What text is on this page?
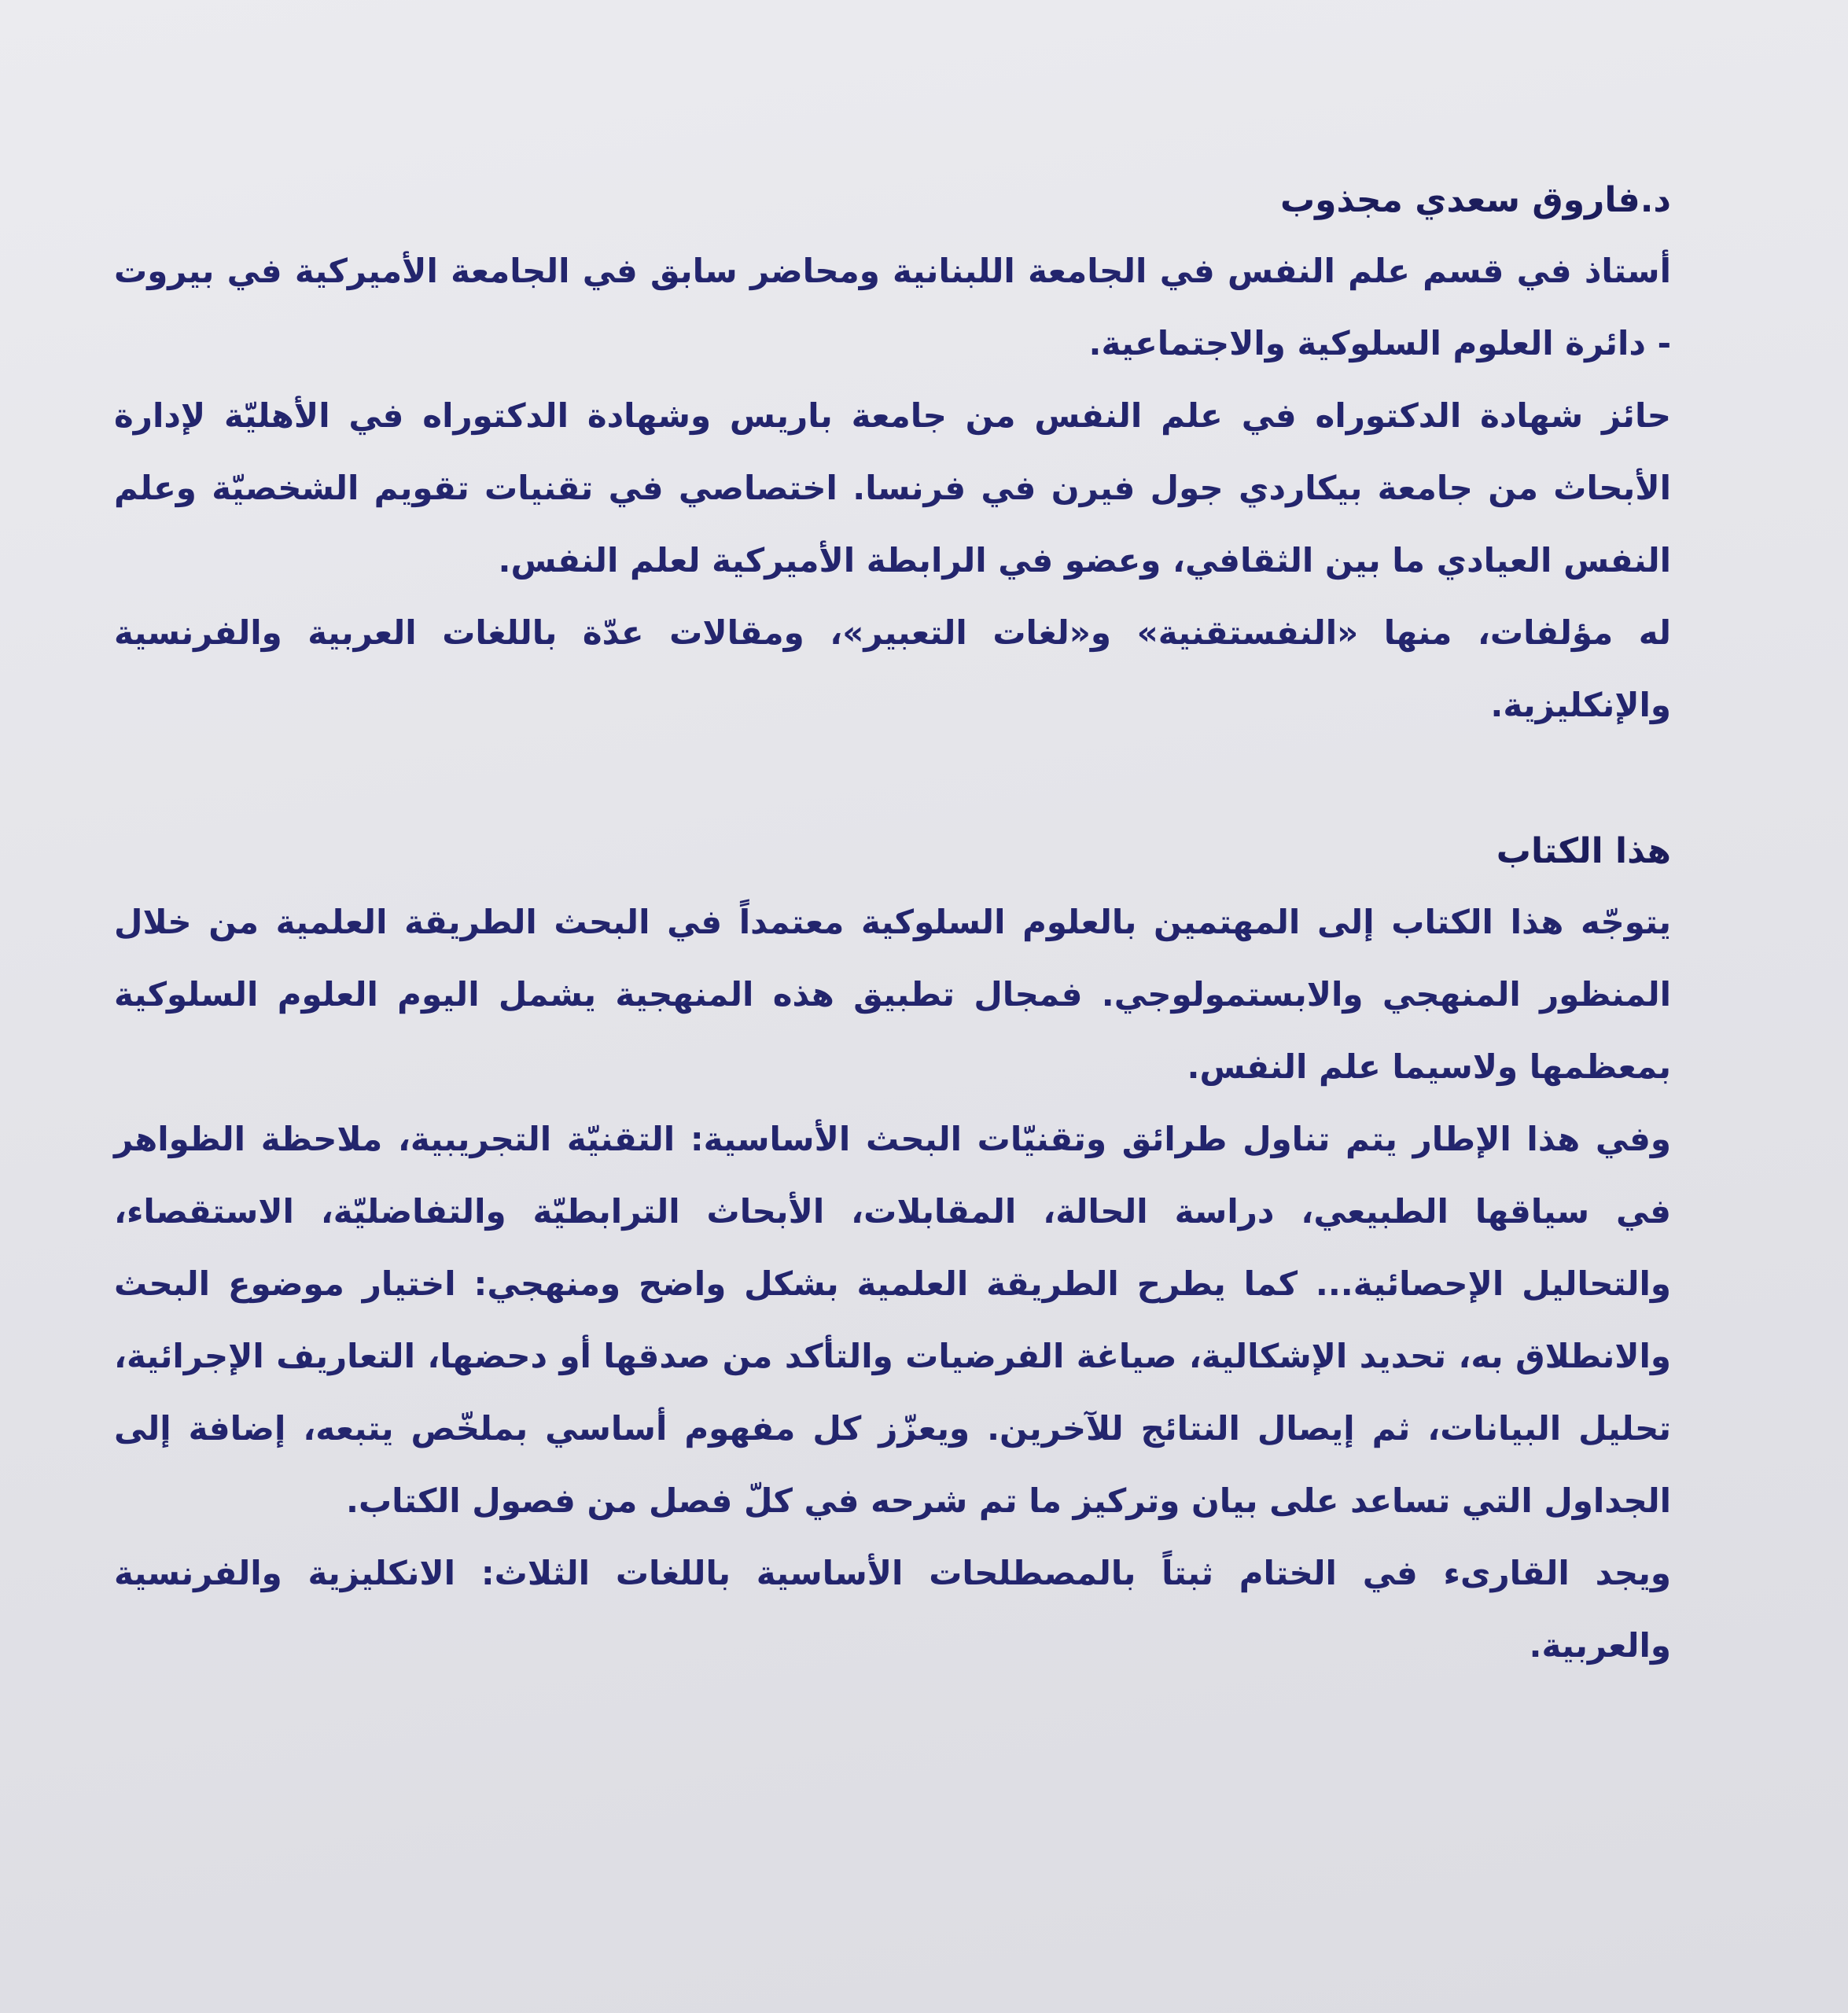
د.فاروق سعدي مجذوب

أستاذ في قسم علم النفس في الجامعة اللبنانية ومحاضر سابق في الجامعة الأميركية في بيروت - دائرة العلوم السلوكية والاجتماعية.

حائز شهادة الدكتوراه في علم النفس من جامعة باريس وشهادة الدكتوراه في الأهليّة لإدارة الأبحاث من جامعة بيكاردي جول فيرن في فرنسا. اختصاصي في تقنيات تقويم الشخصيّة وعلم النفس العيادي ما بين الثقافي، وعضو في الرابطة الأميركية لعلم النفس.

له مؤلفات، منها «النفستقنية» و«لغات التعبير»، ومقالات عدّة باللغات العربية والفرنسية والإنكليزية.

هذا الكتاب

يتوجّه هذا الكتاب إلى المهتمين بالعلوم السلوكية معتمداً في البحث الطريقة العلمية من خلال المنظور المنهجي والابستمولوجي. فمجال تطبيق هذه المنهجية يشمل اليوم العلوم السلوكية بمعظمها ولاسيما علم النفس.

وفي هذا الإطار يتم تناول طرائق وتقنيّات البحث الأساسية: التقنيّة التجريبية، ملاحظة الظواهر في سياقها الطبيعي، دراسة الحالة، المقابلات، الأبحاث الترابطيّة والتفاضليّة، الاستقصاء، والتحاليل الإحصائية... كما يطرح الطريقة العلمية بشكل واضح ومنهجي: اختيار موضوع البحث والانطلاق به، تحديد الإشكالية، صياغة الفرضيات والتأكد من صدقها أو دحضها، التعاريف الإجرائية، تحليل البيانات، ثم إيصال النتائج للآخرين. ويعزّز كل مفهوم أساسي بملخّص يتبعه، إضافة إلى الجداول التي تساعد على بيان وتركيز ما تم شرحه في كلّ فصل من فصول الكتاب.

ويجد القارىء في الختام ثبتاً بالمصطلحات الأساسية باللغات الثلاث: الانكليزية والفرنسية والعربية.
